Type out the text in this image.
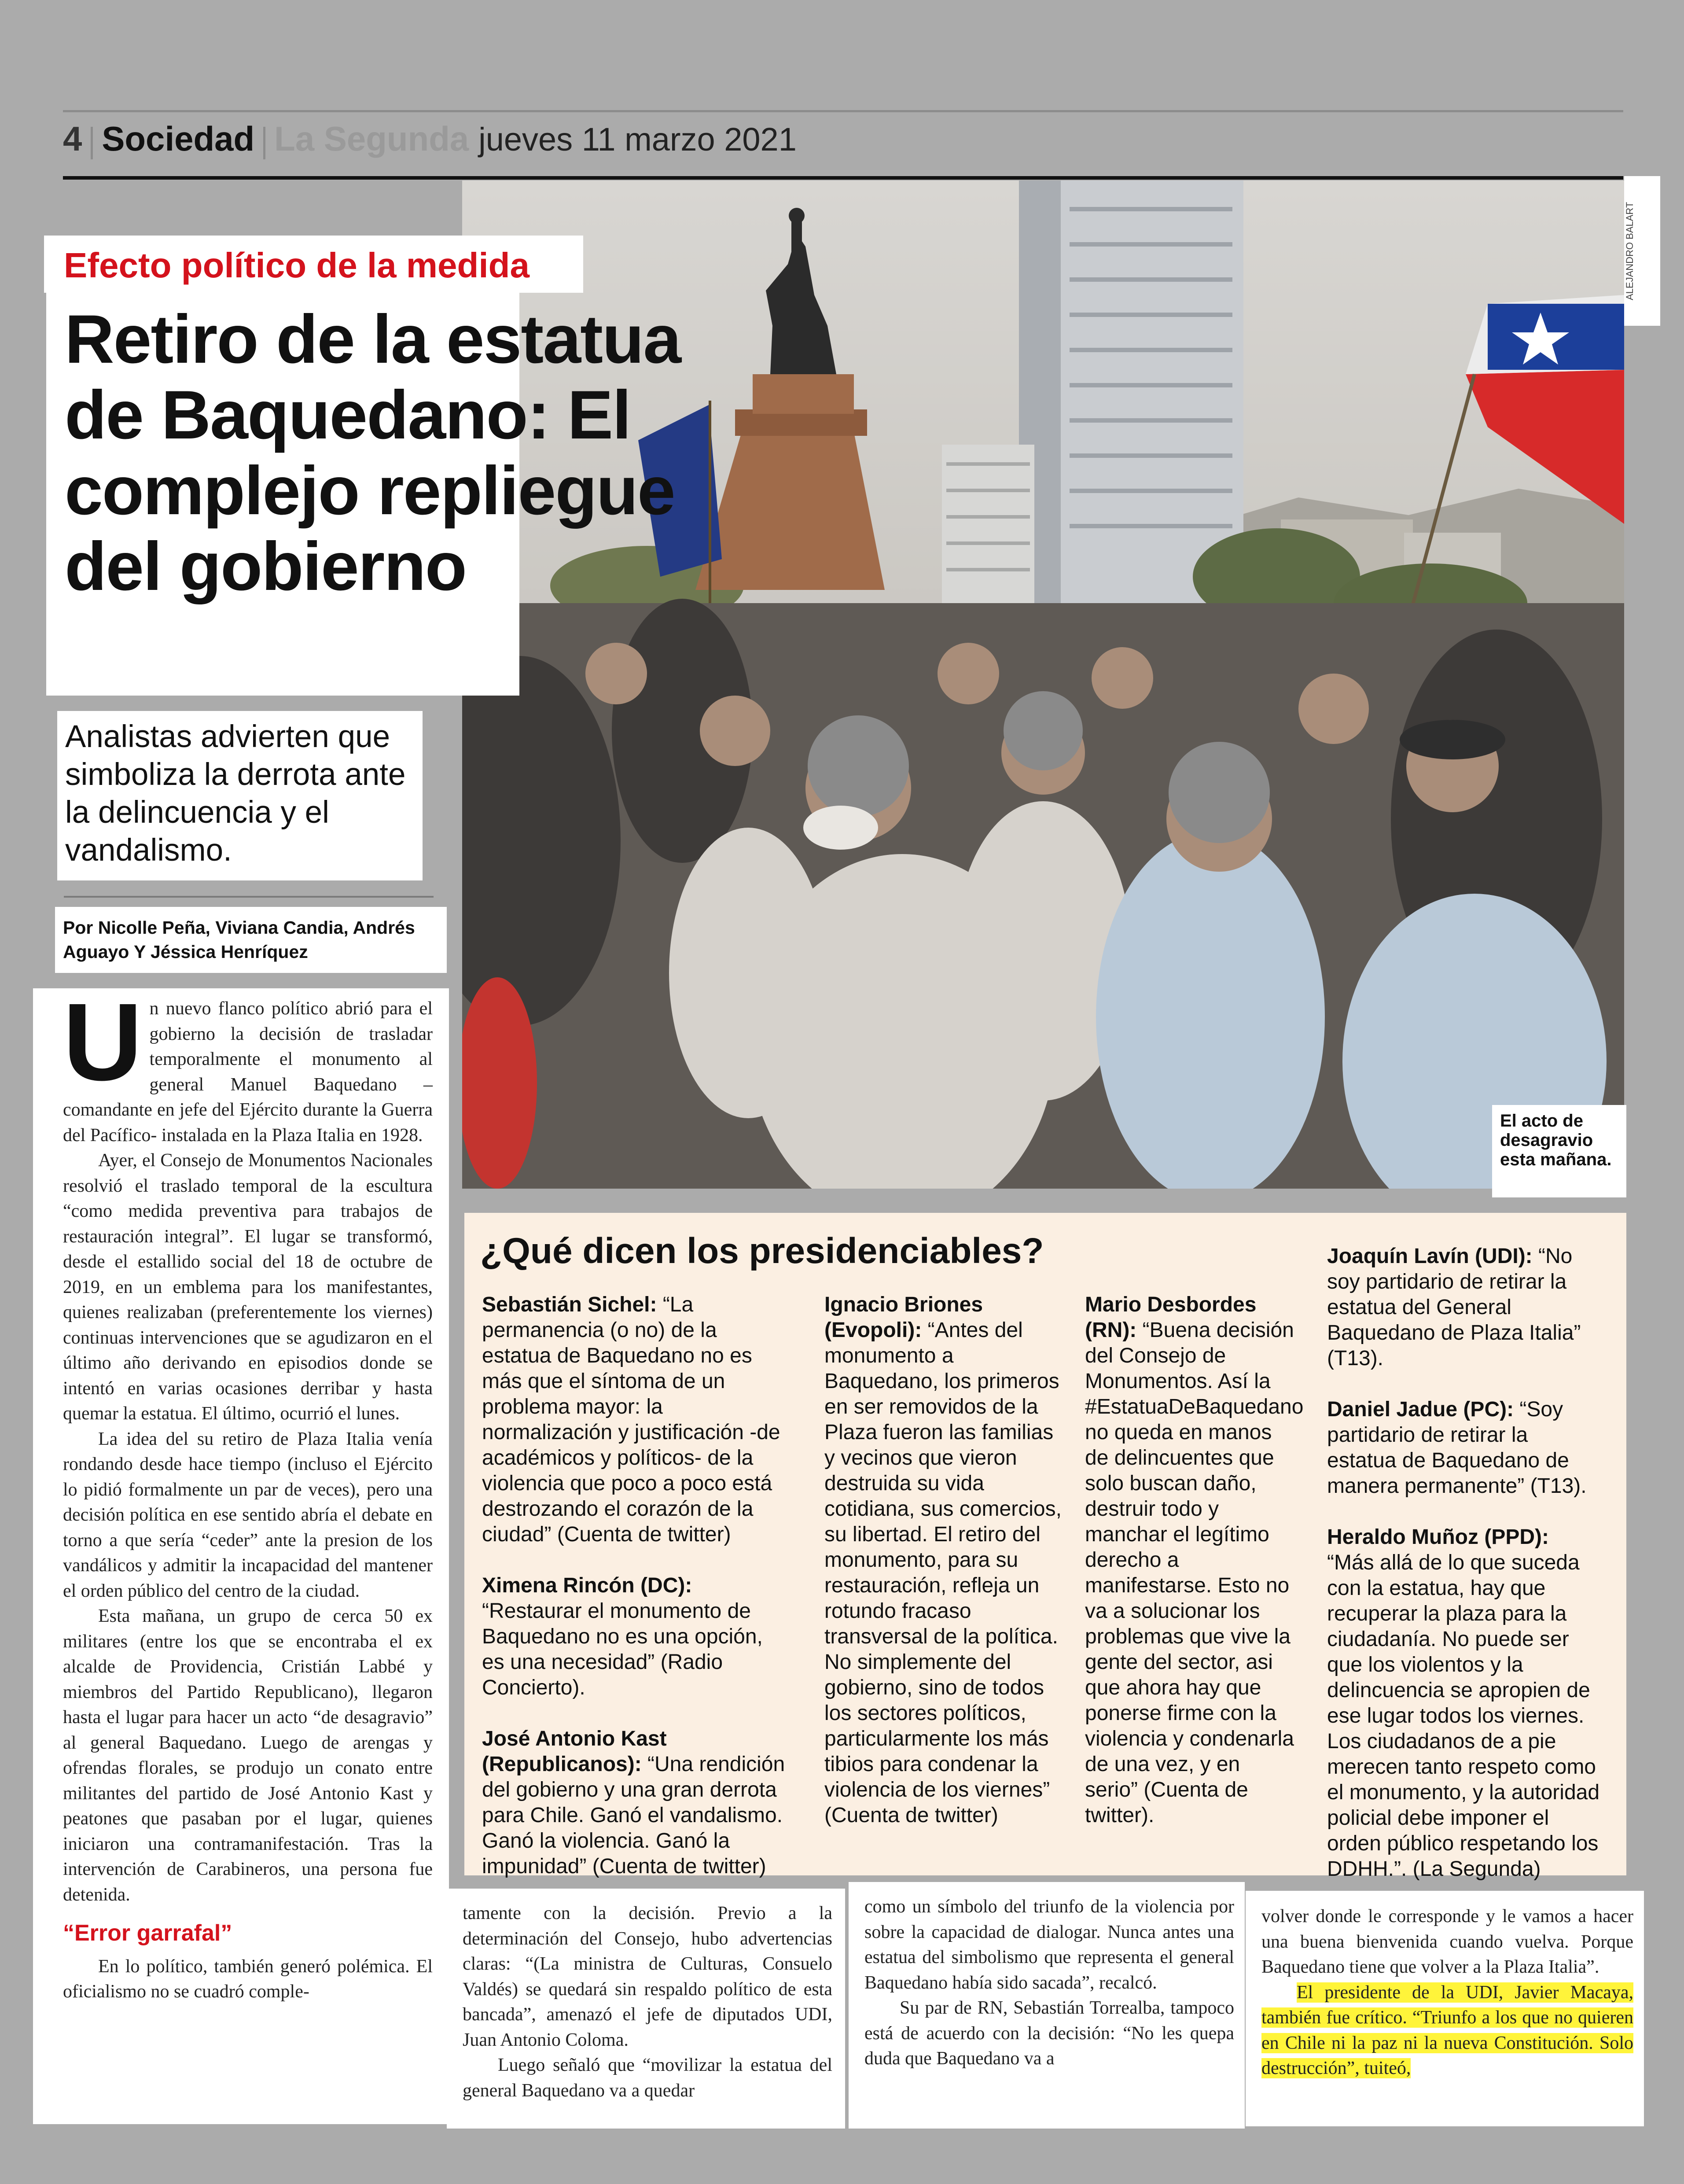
4 Sociedad La Segunda jueves 11 marzo 2021
ALEJANDRO BALART
Efecto político de la medida
Retiro de la estatua de Baquedano: El complejo repliegue del gobierno
Analistas advierten que simboliza la derrota ante la delincuencia y el vandalismo.
Por Nicolle Peña, Viviana Candia, Andrés Aguayo Y Jéssica Henríquez
El acto de desagravio esta mañana.

Un nuevo flanco político abrió para el gobierno la decisión de trasladar temporalmente el monumento al general Manuel Baquedano –comandante en jefe del Ejército durante la Guerra del Pacífico- instalada en la Plaza Italia en 1928.

Ayer, el Consejo de Monumentos Nacionales resolvió el traslado temporal de la escultura “como medida preventiva para trabajos de restauración integral”. El lugar se transformó, desde el estallido social del 18 de octubre de 2019, en un emblema para los manifestantes, quienes realizaban (preferentemente los viernes) continuas intervenciones que se agudizaron en el último año derivando en episodios donde se intentó en varias ocasiones derribar y hasta quemar la estatua. El último, ocurrió el lunes.

La idea del su retiro de Plaza Italia venía rondando desde hace tiempo (incluso el Ejército lo pidió formalmente un par de veces), pero una decisión política en ese sentido abría el debate en torno a que sería “ceder” ante la presion de los vandálicos y admitir la incapacidad del mantener el orden público del centro de la ciudad.

Esta mañana, un grupo de cerca 50 ex militares (entre los que se encontraba el ex alcalde de Providencia, Cristián Labbé y miembros del Partido Republicano), llegaron hasta el lugar para hacer un acto “de desagravio” al general Baquedano. Luego de arengas y ofrendas florales, se produjo un conato entre militantes del partido de José Antonio Kast y peatones que pasaban por el lugar, quienes iniciaron una contramanifestación. Tras la intervención de Carabineros, una persona fue detenida.

“Error garrafal”

En lo político, también generó polémica. El oficialismo no se cuadró comple-

¿Qué dicen los presidenciables?

Sebastián Sichel: “La permanencia (o no) de la estatua de Baquedano no es más que el síntoma de un problema mayor: la normalización y justificación -de académicos y políticos- de la violencia que poco a poco está destrozando el corazón de la ciudad” (Cuenta de twitter)

Ximena Rincón (DC): “Restaurar el monumento de Baquedano no es una opción, es una necesidad” (Radio Concierto).

José Antonio Kast (Republicanos): “Una rendición del gobierno y una gran derrota para Chile. Ganó el vandalismo. Ganó la violencia. Ganó la impunidad” (Cuenta de twitter)

Ignacio Briones (Evopoli): “Antes del monumento a Baquedano, los primeros en ser removidos de la Plaza fueron las familias y vecinos que vieron destruida su vida cotidiana, sus comercios, su libertad. El retiro del monumento, para su restauración, refleja un rotundo fracaso transversal de la política. No simplemente del gobierno, sino de todos los sectores políticos, particularmente los más tibios para condenar la violencia de los viernes” (Cuenta de twitter)

Mario Desbordes (RN): “Buena decisión del Consejo de Monumentos. Así la #EstatuaDeBaquedano no queda en manos de delincuentes que solo buscan daño, destruir todo y manchar el legítimo derecho a manifestarse. Esto no va a solucionar los problemas que vive la gente del sector, asi que ahora hay que ponerse firme con la violencia y condenarla de una vez, y en serio” (Cuenta de twitter).

Joaquín Lavín (UDI): “No soy partidario de retirar la estatua del General Baquedano de Plaza Italia” (T13).

Daniel Jadue (PC): “Soy partidario de retirar la estatua de Baquedano de manera permanente” (T13).

Heraldo Muñoz (PPD): “Más allá de lo que suceda con la estatua, hay que recuperar la plaza para la ciudadanía. No puede ser que los violentos y la delincuencia se apropien de ese lugar todos los viernes. Los ciudadanos de a pie merecen tanto respeto como el monumento, y la autoridad policial debe imponer el orden público respetando los DDHH.”. (La Segunda)

tamente con la decisión. Previo a la determinación del Consejo, hubo advertencias claras: “(La ministra de Culturas, Consuelo Valdés) se quedará sin respaldo político de esta bancada”, amenazó el jefe de diputados UDI, Juan Antonio Coloma.

Luego señaló que “movilizar la estatua del general Baquedano va a quedar

como un símbolo del triunfo de la violencia por sobre la capacidad de dialogar. Nunca antes una estatua del simbolismo que representa el general Baquedano había sido sacada”, recalcó.

Su par de RN, Sebastián Torrealba, tampoco está de acuerdo con la decisión: “No les quepa duda que Baquedano va a

volver donde le corresponde y le vamos a hacer una buena bienvenida cuando vuelva. Porque Baquedano tiene que volver a la Plaza Italia”.

El presidente de la UDI, Javier Macaya, también fue crítico. “Triunfo a los que no quieren en Chile ni la paz ni la nueva Constitución. Solo destrucción”, tuiteó,
